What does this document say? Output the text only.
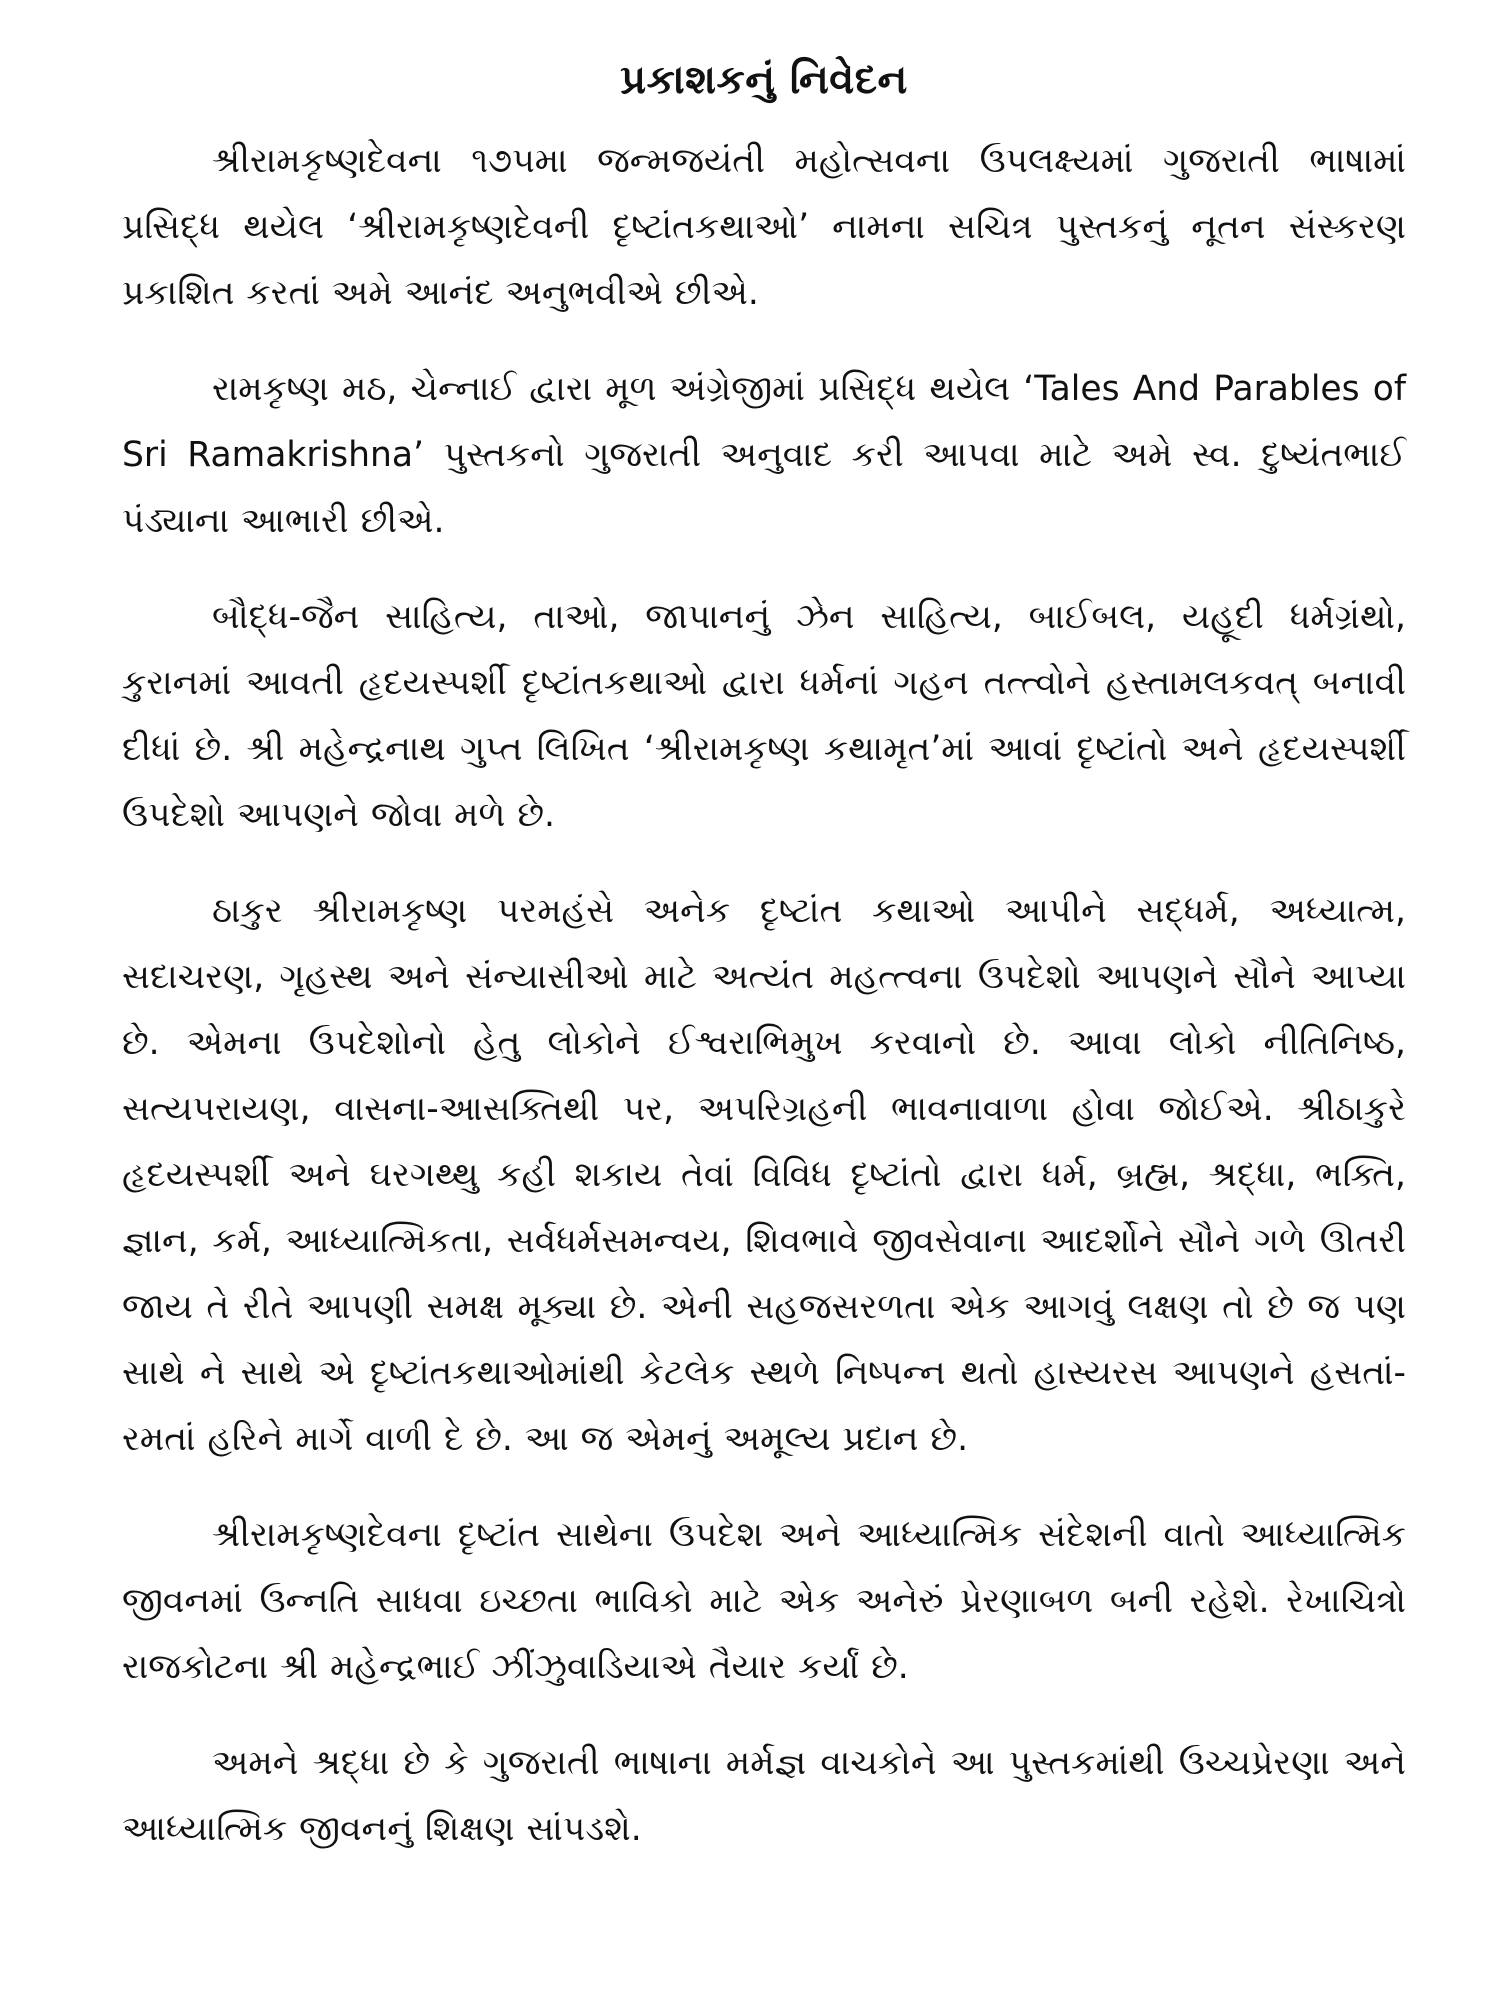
પ્રકાશકનું નિવેદન

શ્રીરામકૃષ્ણદેવના ૧૭૫મા જન્મજયંતી મહોત્સવના ઉપલક્ષ્યમાં ગુજરાતી ભાષામાં પ્રસિદ્ધ થયેલ ‘શ્રીરામકૃષ્ણદેવની દૃષ્ટાંતકથાઓ’ નામના સચિત્ર પુસ્તકનું નૂતન સંસ્કરણ પ્રકાશિત કરતાં અમે આનંદ અનુભવીએ છીએ.

રામકૃષ્ણ મઠ, ચેન્નાઈ દ્વારા મૂળ અંગ્રેજીમાં પ્રસિદ્ધ થયેલ ‘Tales And Parables of Sri Ramakrishna’ પુસ્તકનો ગુજરાતી અનુવાદ કરી આપવા માટે અમે સ્વ. દુષ્યંતભાઈ પંડ્યાના આભારી છીએ.

બૌદ્ધ-જૈન સાહિત્ય, તાઓ, જાપાનનું ઝેન સાહિત્ય, બાઈબલ, યહૂદી ધર્મગ્રંથો, કુરાનમાં આવતી હૃદયસ્પર્શી દૃષ્ટાંતકથાઓ દ્વારા ધર્મનાં ગહન તત્ત્વોને હસ્તામલકવત્ બનાવી દીધાં છે. શ્રી મહેન્દ્રનાથ ગુપ્ત લિખિત ‘શ્રીરામકૃષ્ણ કથામૃત’માં આવાં દૃષ્ટાંતો અને હૃદયસ્પર્શી ઉપદેશો આપણને જોવા મળે છે.

ઠાકુર શ્રીરામકૃષ્ણ પરમહંસે અનેક દૃષ્ટાંત કથાઓ આપીને સદ્ધર્મ, અધ્યાત્મ, સદાચરણ, ગૃહસ્થ અને સંન્યાસીઓ માટે અત્યંત મહત્ત્વના ઉપદેશો આપણને સૌને આપ્યા છે. એમના ઉપદેશોનો હેતુ લોકોને ઈશ્વરાભિમુખ કરવાનો છે. આવા લોકો નીતિનિષ્ઠ, સત્યપરાયણ, વાસના-આસક્તિથી પર, અપરિગ્રહની ભાવનાવાળા હોવા જોઈએ. શ્રીઠાકુરે હૃદયસ્પર્શી અને ઘરગથ્થુ કહી શકાય તેવાં વિવિધ દૃષ્ટાંતો દ્વારા ધર્મ, બ્રહ્મ, શ્રદ્ધા, ભક્તિ, જ્ઞાન, કર્મ, આધ્યાત્મિકતા, સર્વધર્મસમન્વય, શિવભાવે જીવસેવાના આદર્શોને સૌને ગળે ઊતરી જાય તે રીતે આપણી સમક્ષ મૂક્યા છે. એની સહજસરળતા એક આગવું લક્ષણ તો છે જ પણ સાથે ને સાથે એ દૃષ્ટાંતકથાઓમાંથી કેટલેક સ્થળે નિષ્પન્ન થતો હાસ્યરસ આપણને હસતાં-રમતાં હરિને માર્ગે વાળી દે છે. આ જ એમનું અમૂલ્ય પ્રદાન છે.

શ્રીરામકૃષ્ણદેવના દૃષ્ટાંત સાથેના ઉપદેશ અને આધ્યાત્મિક સંદેશની વાતો આધ્યાત્મિક જીવનમાં ઉન્નતિ સાધવા ઇચ્છતા ભાવિકો માટે એક અનેરું પ્રેરણાબળ બની રહેશે. રેખાચિત્રો રાજકોટના શ્રી મહેન્દ્રભાઈ ઝીંઝુવાડિયાએ તૈયાર કર્યાં છે.

અમને શ્રદ્ધા છે કે ગુજરાતી ભાષાના મર્મજ્ઞ વાચકોને આ પુસ્તકમાંથી ઉચ્ચપ્રેરણા અને આધ્યાત્મિક જીવનનું શિક્ષણ સાંપડશે.
